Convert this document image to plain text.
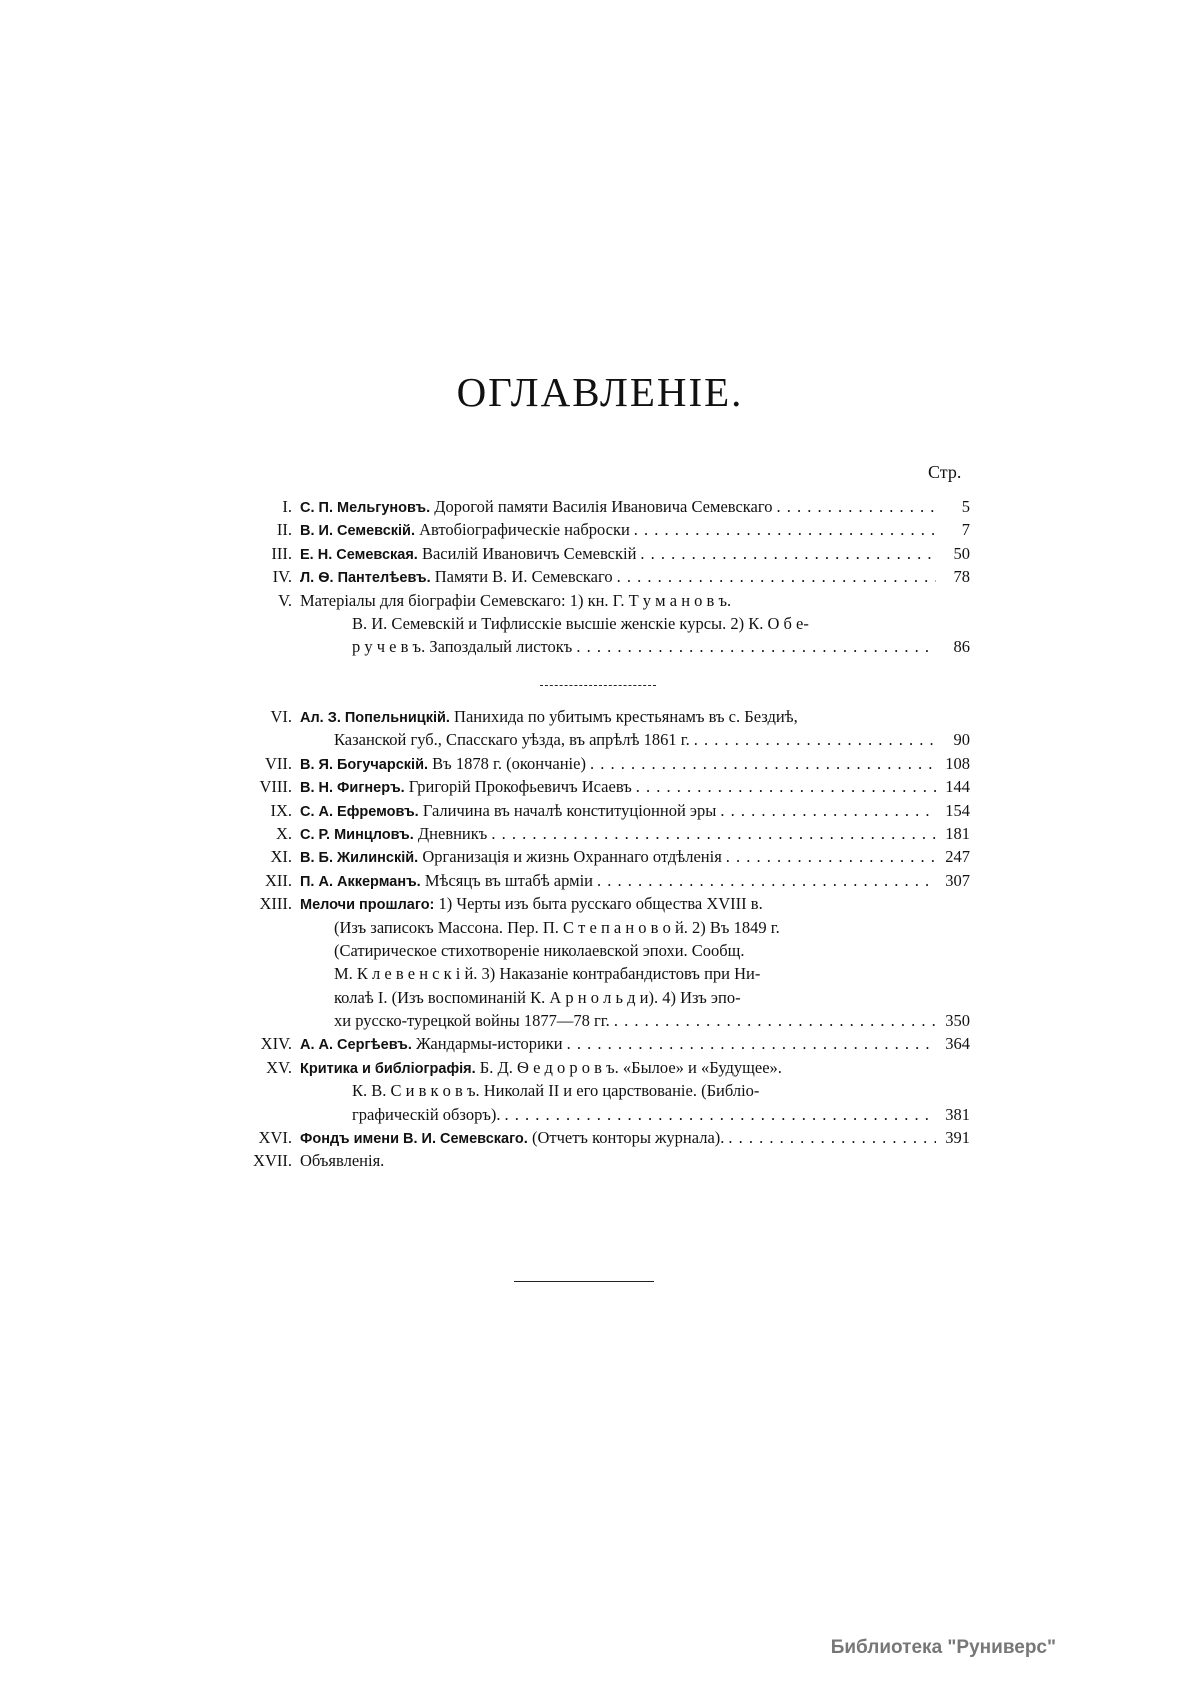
ОГЛАВЛЕНІЕ.
Стр.
I. С. П. Мельгуновъ. Дорогой памяти Василія Ивановича Семевскаго . . .	5
II. В. И. Семевскій. Автобіографическіе наброски . . .	7
III. Е. Н. Семевская. Василій Ивановичъ Семевскій . . .	50
IV. Л. Ѳ. Пантелѣевъ. Памяти В. И. Семевскаго . . .	78
V. Матеріалы для біографіи Семевскаго: 1) кн. Г. Т у м а н о в ъ.
В. И. Семевскій и Тифлисскіе высшіе женскіе курсы. 2) К. О б е-
р у ч е в ъ. Запоздалый листокъ . . .	86
VI. Ал. З. Попельницкій. Панихида по убитымъ крестьянамъ въ с. Бездиѣ,
Казанской губ., Спасскаго уѣзда, въ апрѣлѣ 1861 г. . . .	90
VII. В. Я. Богучарскій. Въ 1878 г. (окончаніе) . . .	108
VIII. В. Н. Фигнеръ. Григорій Прокофьевичъ Исаевъ . . .	144
IX. С. А. Ефремовъ. Галичина въ началѣ конституціонной эры . . .	154
X. С. Р. Минцловъ. Дневникъ . . .	181
XI. В. Б. Жилинскій. Организація и жизнь Охраннаго отдѣленія . . .	247
XII. П. А. Аккерманъ. Мѣсяцъ въ штабѣ арміи . . .	307
XIII. Мелочи прошлаго: 1) Черты изъ быта русскаго общества XVIII в.
(Изъ записокъ Массона. Пер. П. С т е п а н о в о й. 2) Въ 1849 г.
(Сатирическое стихотвореніе николаевской эпохи. Сообщ.
М. К л е в е н с к і й. 3) Наказаніе контрабандистовъ при Ни-
колаѣ I. (Изъ воспоминаній К. А р н о л ь д и). 4) Изъ эпо-
хи русско-турецкой войны 1877—78 гг. . . .	350
XIV. А. А. Сергѣевъ. Жандармы-историки . . .	364
XV. Критика и библіографія. Б. Д. Ѳ е д о р о в ъ. «Былое» и «Будущее».
К. В. С и в к о в ъ. Николай II и его царствованіе. (Библіо-
графическій обзоръ). . . .	381
XVI. Фондъ имени В. И. Семевскаго. (Отчетъ конторы журнала). . . .	391
XVII. Объявленія.
Библиотека "Руниверс"
